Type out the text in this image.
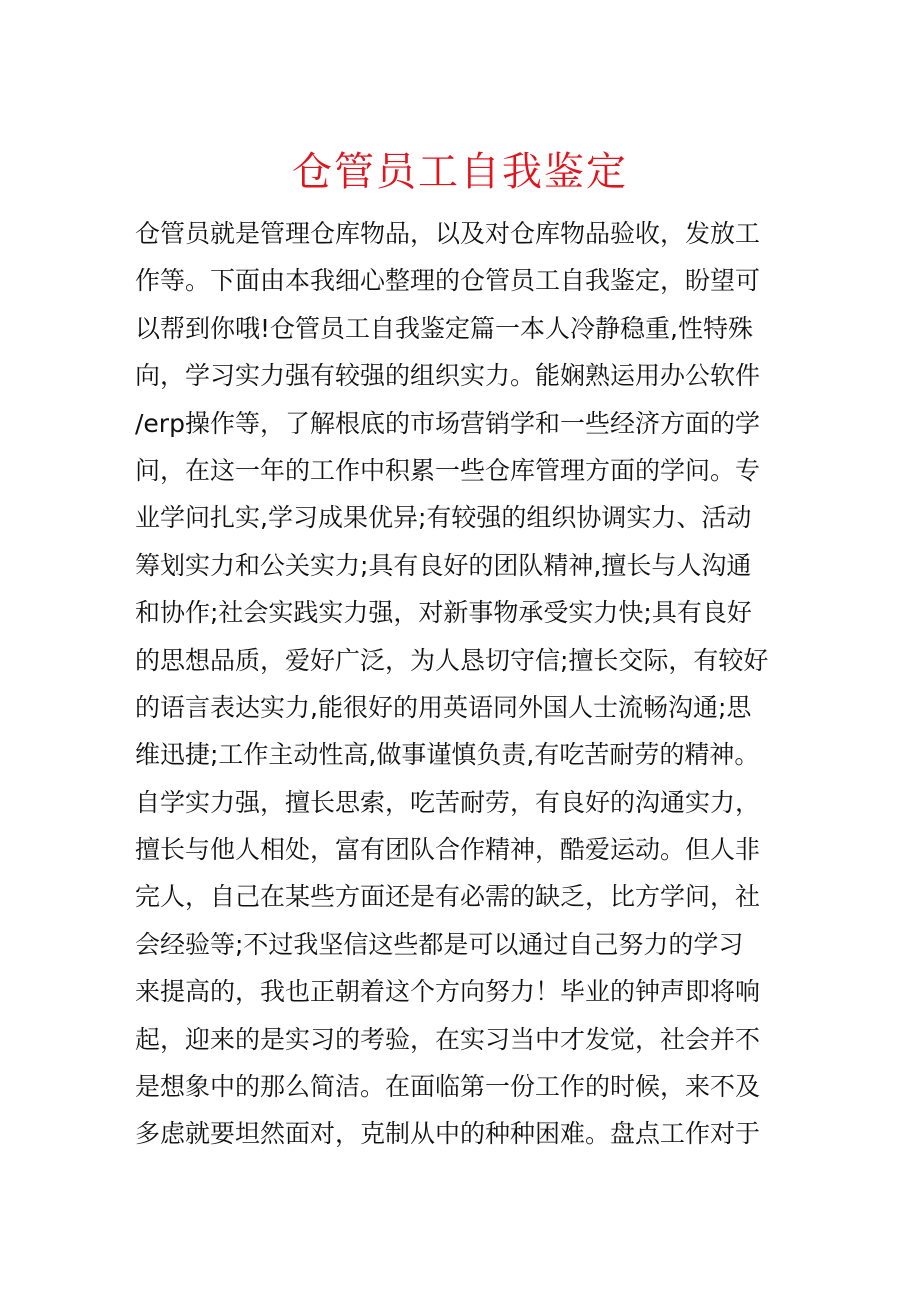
仓管员工自我鉴定
仓管员就是管理仓库物品，以及对仓库物品验收，发放工
作等。下面由本我细心整理的仓管员工自我鉴定，盼望可
以帮到你哦!仓管员工自我鉴定篇一本人冷静稳重,性特殊
向，学习实力强有较强的组织实力。能娴熟运用办公软件
/erp操作等，了解根底的市场营销学和一些经济方面的学
问，在这一年的工作中积累一些仓库管理方面的学问。专
业学问扎实,学习成果优异;有较强的组织协调实力、活动
筹划实力和公关实力;具有良好的团队精神,擅长与人沟通
和协作;社会实践实力强，对新事物承受实力快;具有良好
的思想品质，爱好广泛，为人恳切守信;擅长交际，有较好
的语言表达实力,能很好的用英语同外国人士流畅沟通;思
维迅捷;工作主动性高,做事谨慎负责,有吃苦耐劳的精神。
自学实力强，擅长思索，吃苦耐劳，有良好的沟通实力，
擅长与他人相处，富有团队合作精神，酷爱运动。但人非
完人，自己在某些方面还是有必需的缺乏，比方学问，社
会经验等;不过我坚信这些都是可以通过自己努力的学习
来提高的，我也正朝着这个方向努力！毕业的钟声即将响
起，迎来的是实习的考验，在实习当中才发觉，社会并不
是想象中的那么简洁。在面临第一份工作的时候，来不及
多虑就要坦然面对，克制从中的种种困难。盘点工作对于
